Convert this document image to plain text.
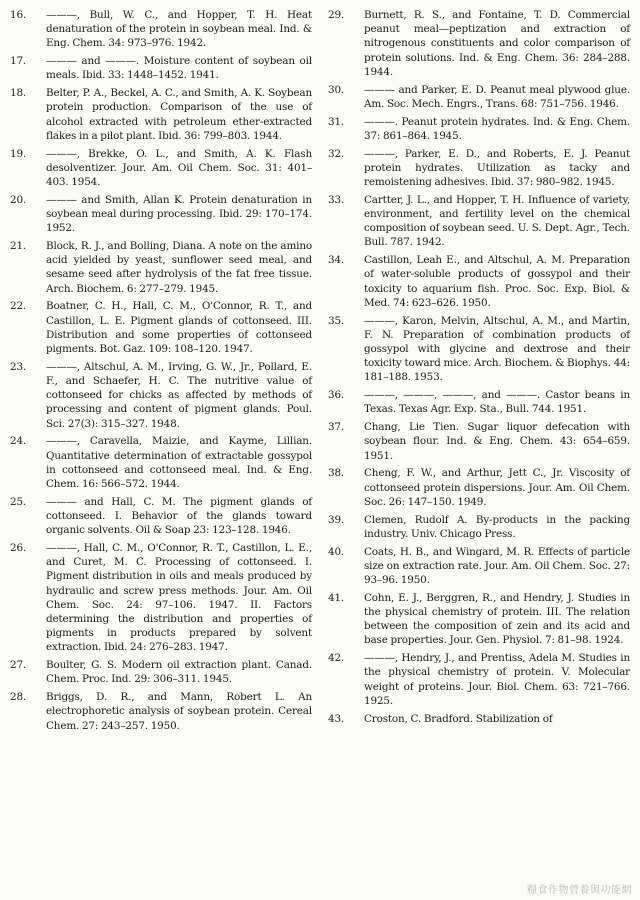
16.	———, Bull, W. C., and Hopper, T. H. Heat denaturation of the protein in soybean meal. Ind. & Eng. Chem. 34: 973–976. 1942.
17.	——— and ———. Moisture content of soybean oil meals. Ibid. 33: 1448–1452. 1941.
18.	Belter, P. A., Beckel, A. C., and Smith, A. K. Soybean protein production. Comparison of the use of alcohol extracted with petroleum ether-extracted flakes in a pilot plant. Ibid. 36: 799–803. 1944.
19.	———, Brekke, O. L., and Smith, A. K. Flash desolventizer. Jour. Am. Oil Chem. Soc. 31: 401–403. 1954.
20.	——— and Smith, Allan K. Protein denaturation in soybean meal during processing. Ibid. 29: 170–174. 1952.
21.	Block, R. J., and Bolling, Diana. A note on the amino acid yielded by yeast, sunflower seed meal, and sesame seed after hydrolysis of the fat free tissue. Arch. Biochem. 6: 277–279. 1945.
22.	Boatner, C. H., Hall, C. M., O'Connor, R. T., and Castillon, L. E. Pigment glands of cottonseed. III. Distribution and some properties of cottonseed pigments. Bot. Gaz. 109: 108–120. 1947.
23.	———, Altschul, A. M., Irving, G. W., Jr., Pollard, E. F., and Schaefer, H. C. The nutritive value of cottonseed for chicks as affected by methods of processing and content of pigment glands. Poul. Sci. 27(3): 315–327. 1948.
24.	———, Caravella, Maizie, and Kayme, Lillian. Quantitative determination of extractable gossypol in cottonseed and cottonseed meal. Ind. & Eng. Chem. 16: 566–572. 1944.
25.	——— and Hall, C. M. The pigment glands of cottonseed. I. Behavior of the glands toward organic solvents. Oil & Soap 23: 123–128. 1946.
26.	———, Hall, C. M., O'Connor, R. T., Castillon, L. E., and Curet, M. C. Processing of cottonseed. I. Pigment distribution in oils and meals produced by hydraulic and screw press methods. Jour. Am. Oil Chem. Soc. 24: 97–106. 1947. II. Factors determining the distribution and properties of pigments in products prepared by solvent extraction. Ibid. 24: 276–283. 1947.
27.	Boulter, G. S. Modern oil extraction plant. Canad. Chem. Proc. Ind. 29: 306–311. 1945.
28.	Briggs, D. R., and Mann, Robert L. An electrophoretic analysis of soybean protein. Cereal Chem. 27: 243–257. 1950.
29.	Burnett, R. S., and Fontaine, T. D. Commercial peanut meal—peptization and extraction of nitrogenous constituents and color comparison of protein solutions. Ind. & Eng. Chem. 36: 284–288. 1944.
30.	——— and Parker, E. D. Peanut meal plywood glue. Am. Soc. Mech. Engrs., Trans. 68: 751–756. 1946.
31.	———. Peanut protein hydrates. Ind. & Eng. Chem. 37: 861–864. 1945.
32.	———, Parker, E. D., and Roberts, E. J. Peanut protein hydrates. Utilization as tacky and remoistening adhesives. Ibid. 37: 980–982. 1945.
33.	Cartter, J. L., and Hopper, T. H. Influence of variety, environment, and fertility level on the chemical composition of soybean seed. U. S. Dept. Agr., Tech. Bull. 787. 1942.
34.	Castillon, Leah E., and Altschul, A. M. Preparation of water-soluble products of gossypol and their toxicity to aquarium fish. Proc. Soc. Exp. Biol. & Med. 74: 623–626. 1950.
35.	———, Karon, Melvin, Altschul, A. M., and Martin, F. N. Preparation of combination products of gossypol with glycine and dextrose and their toxicity toward mice. Arch. Biochem. & Biophys. 44: 181–188. 1953.
36.	———, ———, ———, and ———. Castor beans in Texas. Texas Agr. Exp. Sta., Bull. 744. 1951.
37.	Chang, Lie Tien. Sugar liquor defecation with soybean flour. Ind. & Eng. Chem. 43: 654–659. 1951.
38.	Cheng, F. W., and Arthur, Jett C., Jr. Viscosity of cottonseed protein dispersions. Jour. Am. Oil Chem. Soc. 26: 147–150. 1949.
39.	Clemen, Rudolf A. By-products in the packing industry. Univ. Chicago Press.
40.	Coats, H. B., and Wingard, M. R. Effects of particle size on extraction rate. Jour. Am. Oil Chem. Soc. 27: 93–96. 1950.
41.	Cohn, E. J., Berggren, R., and Hendry, J. Studies in the physical chemistry of protein. III. The relation between the composition of zein and its acid and base properties. Jour. Gen. Physiol. 7: 81–98. 1924.
42.	———, Hendry, J., and Prentiss, Adela M. Studies in the physical chemistry of protein. V. Molecular weight of proteins. Jour. Biol. Chem. 63: 721–766. 1925.
43.	Croston, C. Bradford. Stabilization of
糧食作物營養與功能網
